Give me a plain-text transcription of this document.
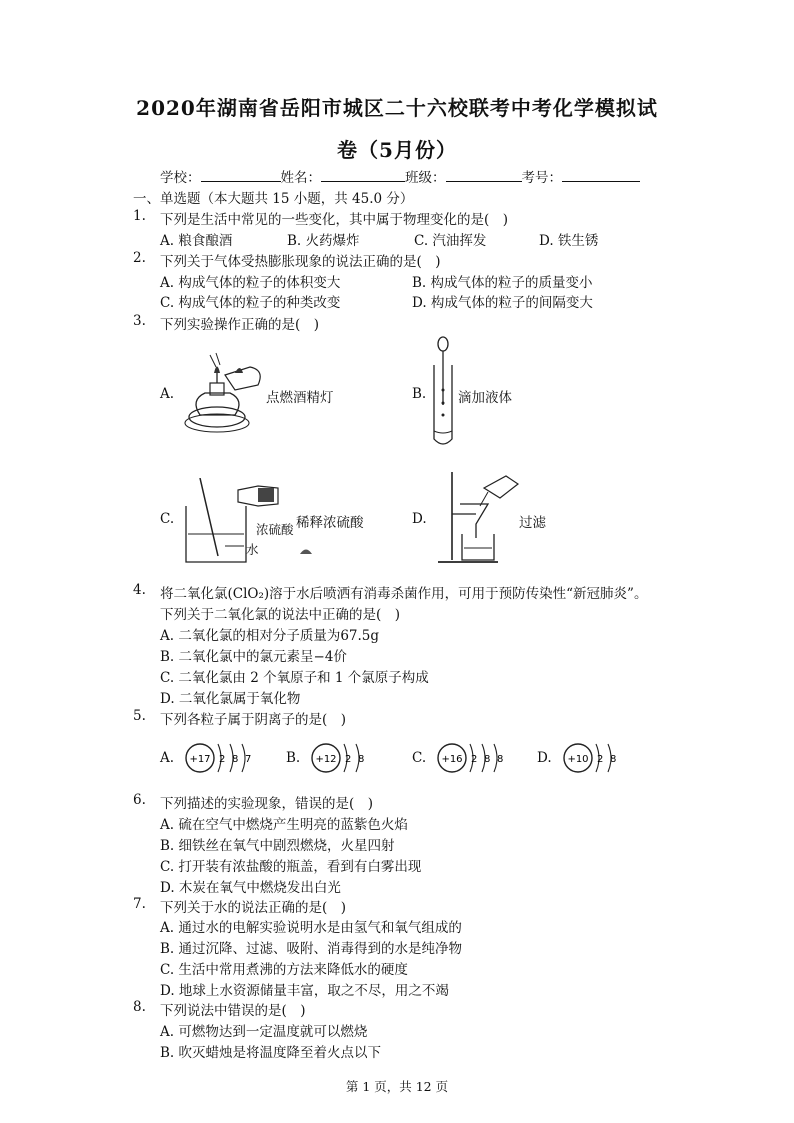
2020年湖南省岳阳市城区二十六校联考中考化学模拟试
卷（5月份）
学校：	姓名：	班级：	考号：
一、单选题（本大题共 15 小题，共 45.0 分）
1. 下列是生活中常见的一些变化，其中属于物理变化的是(　)
A. 粮食酿酒	B. 火药爆炸	C. 汽油挥发	D. 铁生锈
2. 下列关于气体受热膨胀现象的说法正确的是(　)
A. 构成气体的粒子的体积变大	B. 构成气体的粒子的质量变小
C. 构成气体的粒子的种类改变	D. 构成气体的粒子的间隔变大
3. 下列实验操作正确的是(　)
A.	点燃酒精灯	B. 滴加液体
C.	稀释浓硫酸
浓硫酸
水
D.	过滤
4. 将二氧化氯(ClO₂)溶于水后喷洒有消毒杀菌作用，可用于预防传染性“新冠肺炎”。
下列关于二氧化氯的说法中正确的是(　)
A. 二氧化氯的相对分子质量为67.5g
B. 二氧化氯中的氯元素呈−4价
C. 二氧化氯由 2 个氧原子和 1 个氯原子构成
D. 二氧化氯属于氧化物
5. 下列各粒子属于阴离子的是(　)
A.	B.	C.	D.
+17 2 8 7	+12 2 8	+16 2 8 8	+10 2 8
6. 下列描述的实验现象，错误的是(　)
A. 硫在空气中燃烧产生明亮的蓝紫色火焰
B. 细铁丝在氧气中剧烈燃烧，火星四射
C. 打开装有浓盐酸的瓶盖，看到有白雾出现
D. 木炭在氧气中燃烧发出白光
7. 下列关于水的说法正确的是(　)
A. 通过水的电解实验说明水是由氢气和氧气组成的
B. 通过沉降、过滤、吸附、消毒得到的水是纯净物
C. 生活中常用煮沸的方法来降低水的硬度
D. 地球上水资源储量丰富，取之不尽，用之不竭
8. 下列说法中错误的是(　)
A. 可燃物达到一定温度就可以燃烧
B. 吹灭蜡烛是将温度降至着火点以下
第 1 页，共 12 页
